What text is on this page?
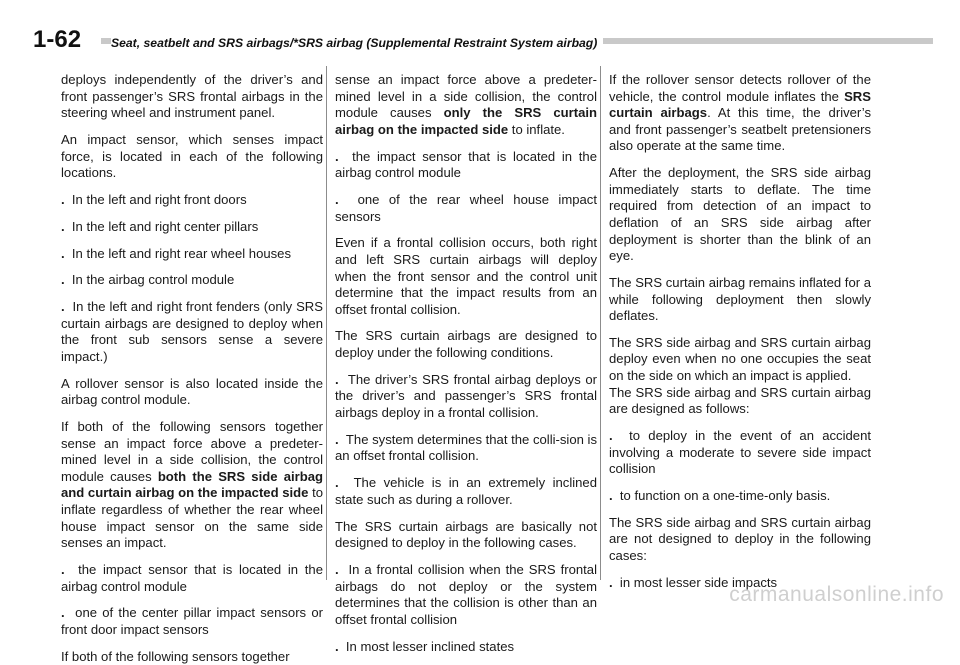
1-62 Seat, seatbelt and SRS airbags/*SRS airbag (Supplemental Restraint System airbag)

deploys independently of the driver’s and front passenger’s SRS frontal airbags in the steering wheel and instrument panel.

An impact sensor, which senses impact force, is located in each of the following locations.

. In the left and right front doors

. In the left and right center pillars

. In the left and right rear wheel houses

. In the airbag control module

. In the left and right front fenders (only SRS curtain airbags are designed to deploy when the front sub sensors sense a severe impact.)

A rollover sensor is also located inside the airbag control module.

If both of the following sensors together sense an impact force above a predeter-mined level in a side collision, the control module causes both the SRS side airbag and curtain airbag on the impacted side to inflate regardless of whether the rear wheel house impact sensor on the same side senses an impact.

. the impact sensor that is located in the airbag control module

. one of the center pillar impact sensors or front door impact sensors

If both of the following sensors together

sense an impact force above a predeter-mined level in a side collision, the control module causes only the SRS curtain airbag on the impacted side to inflate.

. the impact sensor that is located in the airbag control module

. one of the rear wheel house impact sensors

Even if a frontal collision occurs, both right and left SRS curtain airbags will deploy when the front sensor and the control unit determine that the impact results from an offset frontal collision.

The SRS curtain airbags are designed to deploy under the following conditions.

. The driver’s SRS frontal airbag deploys or the driver’s and passenger’s SRS frontal airbags deploy in a frontal collision.

. The system determines that the colli-sion is an offset frontal collision.

. The vehicle is in an extremely inclined state such as during a rollover.

The SRS curtain airbags are basically not designed to deploy in the following cases.

. In a frontal collision when the SRS frontal airbags do not deploy or the system determines that the collision is other than an offset frontal collision

. In most lesser inclined states

If the rollover sensor detects rollover of the vehicle, the control module inflates the SRS curtain airbags. At this time, the driver’s and front passenger’s seatbelt pretensioners also operate at the same time.

After the deployment, the SRS side airbag immediately starts to deflate. The time required from detection of an impact to deflation of an SRS side airbag after deployment is shorter than the blink of an eye.

The SRS curtain airbag remains inflated for a while following deployment then slowly deflates.

The SRS side airbag and SRS curtain airbag deploy even when no one occupies the seat on the side on which an impact is applied.

The SRS side airbag and SRS curtain airbag are designed as follows:

. to deploy in the event of an accident involving a moderate to severe side impact collision

. to function on a one-time-only basis.

The SRS side airbag and SRS curtain airbag are not designed to deploy in the following cases:

. in most lesser side impacts

carmanualsonline.info
